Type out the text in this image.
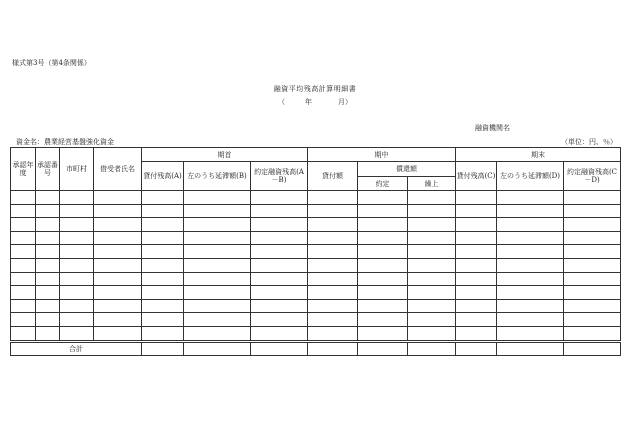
様式第3号（第4条関係）
融資平均残高計算明細書
（	年	月）
融資機関名
資金名：農業経営基盤強化資金	（単位：円、％）
承認年度	承認番号	市町村	借受者氏名	期首			期中			期末		
				貸付残高(A)	左のうち延滞額(B)	約定融資残高(A－B)	貸付額	償還額		貸付残高(C)	左のうち延滞額(D)	約定融資残高(C－D)
								約定	繰上			

合計									
